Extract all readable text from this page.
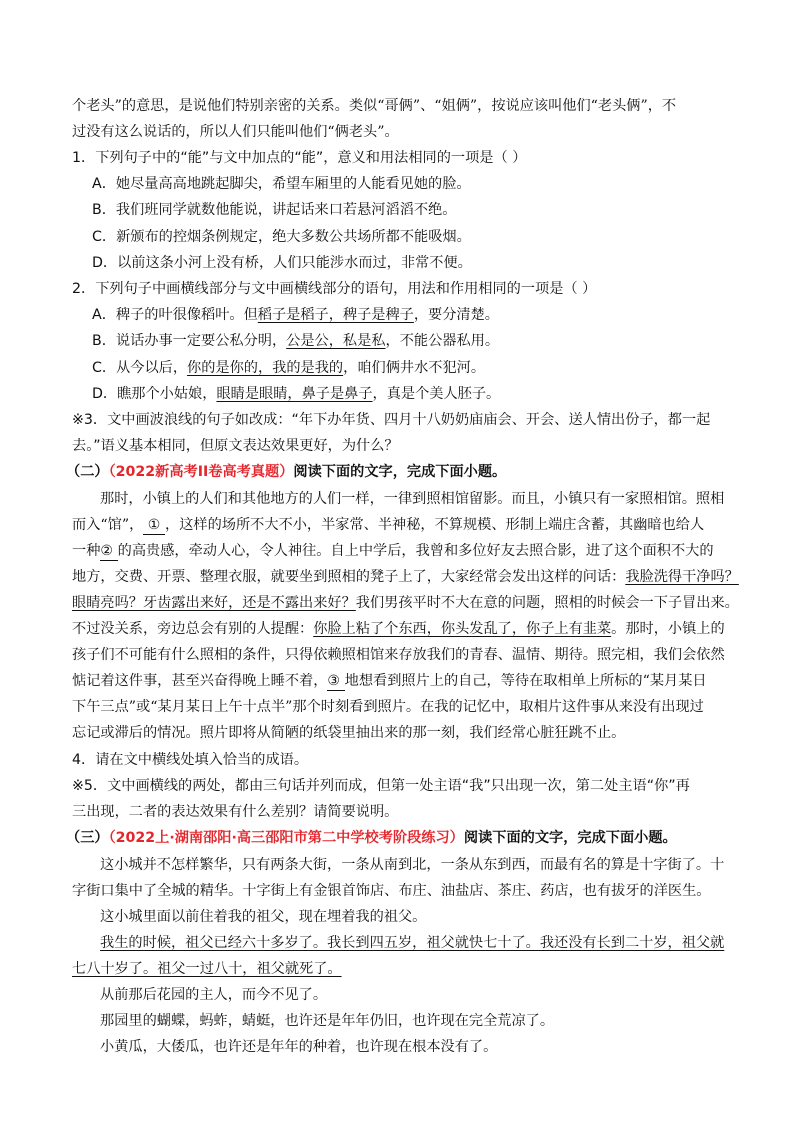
个老头”的意思，是说他们特别亲密的关系。类似“哥俩”、“姐俩”，按说应该叫他们“老头俩”，不
过没有这么说话的，所以人们只能叫他们“俩老头”。
1．下列句子中的“能”与文中加点的“能”，意义和用法相同的一项是（ ）
A．她尽量高高地跳起脚尖，希望车厢里的人能看见她的脸。
B．我们班同学就数他能说，讲起话来口若悬河滔滔不绝。
C．新颁布的控烟条例规定，绝大多数公共场所都不能吸烟。
D．以前这条小河上没有桥，人们只能涉水而过，非常不便。
2．下列句子中画横线部分与文中画横线部分的语句，用法和作用相同的一项是（ ）
A．稗子的叶很像稻叶。但稻子是稻子，稗子是稗子，要分清楚。
B．说话办事一定要公私分明，公是公，私是私，不能公器私用。
C．从今以后，你的是你的，我的是我的，咱们俩井水不犯河。
D．瞧那个小姑娘，眼睛是眼睛，鼻子是鼻子，真是个美人胚子。
※3．文中画波浪线的句子如改成：“年下办年货、四月十八奶奶庙庙会、开会、送人情出份子，都一起
去。”语义基本相同，但原文表达效果更好，为什么？
（二）（2022新高考II卷高考真题）阅读下面的文字，完成下面小题。
那时，小镇上的人们和其他地方的人们一样，一律到照相馆留影。而且，小镇只有一家照相馆。照相
而入“馆”， ① ，这样的场所不大不小，半家常、半神秘，不算规模、形制上端庄含蓄，其幽暗也给人
一种② 的高贵感，牵动人心，令人神往。自上中学后，我曾和多位好友去照合影，进了这个面积不大的
地方，交费、开票、整理衣服，就要坐到照相的凳子上了，大家经常会发出这样的问话：我脸洗得干净吗？
眼睛亮吗？牙齿露出来好，还是不露出来好？我们男孩平时不大在意的问题，照相的时候会一下子冒出来。
不过没关系，旁边总会有别的人提醒：你脸上粘了个东西，你头发乱了，你子上有韭菜。那时，小镇上的
孩子们不可能有什么照相的条件，只得依赖照相馆来存放我们的青春、温情、期待。照完相，我们会依然
惦记着这件事，甚至兴奋得晚上睡不着，③ 地想看到照片上的自己，等待在取相单上所标的“某月某日
下午三点”或“某月某日上午十点半”那个时刻看到照片。在我的记忆中，取相片这件事从来没有出现过
忘记或滞后的情况。照片即将从简陋的纸袋里抽出来的那一刻，我们经常心脏狂跳不止。
4．请在文中横线处填入恰当的成语。
※5．文中画横线的两处，都由三句话并列而成，但第一处主语“我”只出现一次，第二处主语“你”再
三出现，二者的表达效果有什么差别？请简要说明。
（三）（2022上·湖南邵阳·高三邵阳市第二中学校考阶段练习）阅读下面的文字，完成下面小题。
这小城并不怎样繁华，只有两条大街，一条从南到北，一条从东到西，而最有名的算是十字街了。十
字街口集中了全城的精华。十字街上有金银首饰店、布庄、油盐店、茶庄、药店，也有拔牙的洋医生。
这小城里面以前住着我的祖父，现在埋着我的祖父。
我生的时候，祖父已经六十多岁了。我长到四五岁，祖父就快七十了。我还没有长到二十岁，祖父就
七八十岁了。祖父一过八十，祖父就死了。
从前那后花园的主人，而今不见了。
那园里的蝴蝶，蚂蚱，蜻蜓，也许还是年年仍旧，也许现在完全荒凉了。
小黄瓜，大倭瓜，也许还是年年的种着，也许现在根本没有了。
